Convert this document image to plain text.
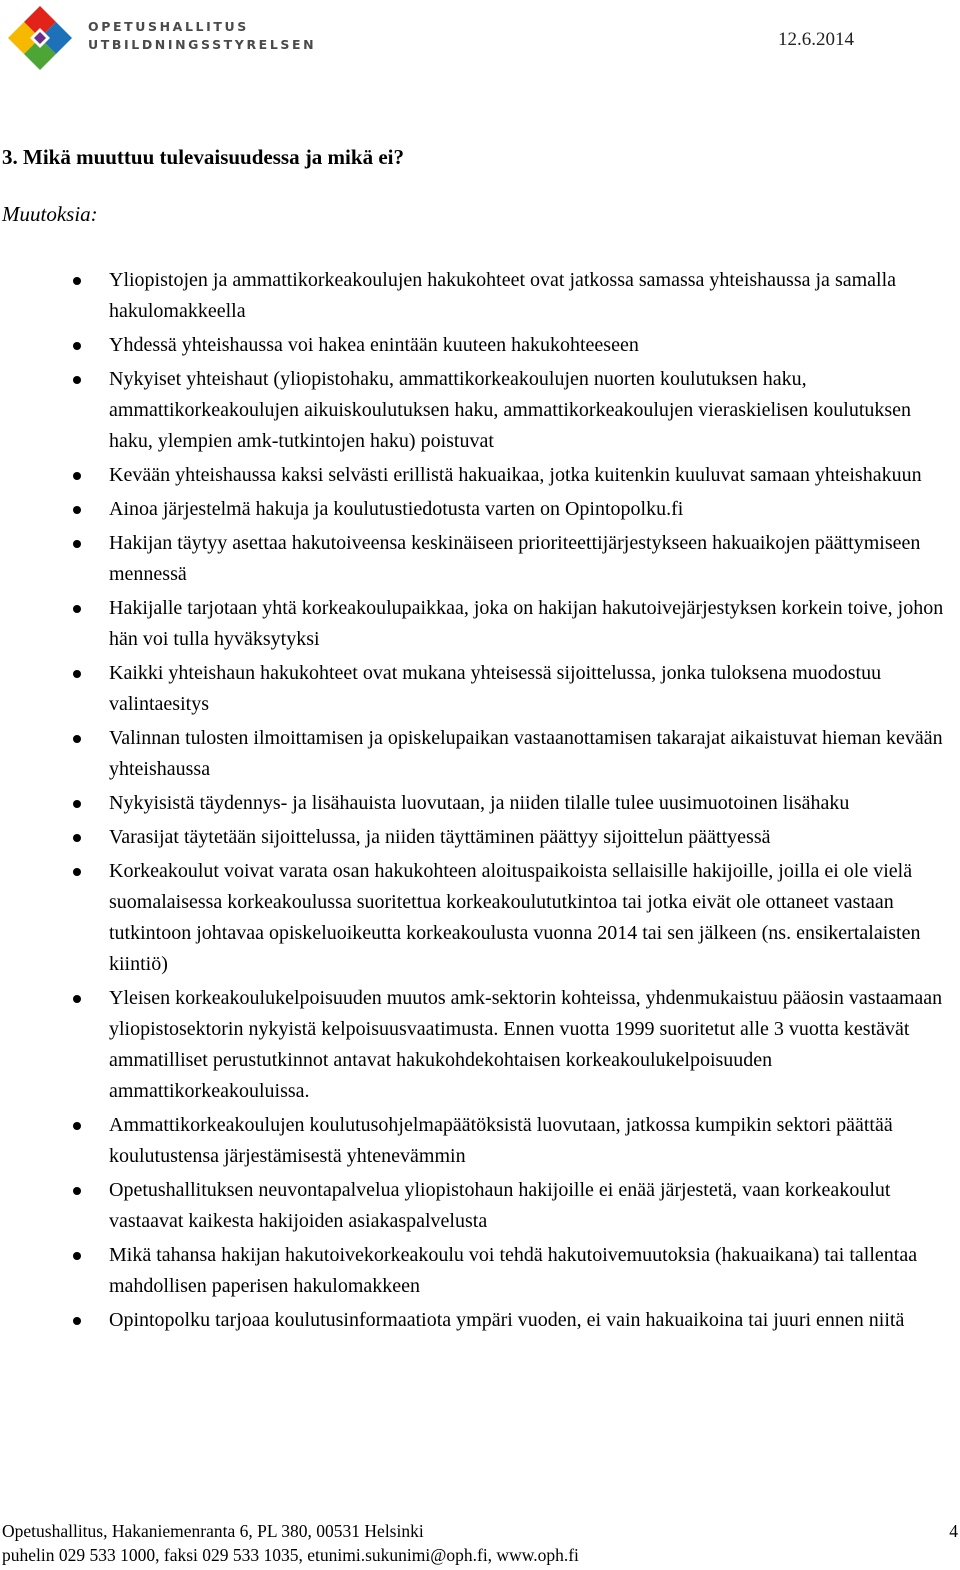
OPETUSHALLITUS
UTBILDNINGSSTYRELSEN	12.6.2014
3. Mikä muuttuu tulevaisuudessa ja mikä ei?
Muutoksia:
Yliopistojen ja ammattikorkeakoulujen hakukohteet ovat jatkossa samassa yhteishaussa ja samalla hakulomakkeella
Yhdessä yhteishaussa voi hakea enintään kuuteen hakukohteeseen
Nykyiset yhteishaut (yliopistohaku, ammattikorkeakoulujen nuorten koulutuksen haku, ammattikorkeakoulujen aikuiskoulutuksen haku, ammattikorkeakoulujen vieraskielisen koulutuksen haku, ylempien amk-tutkintojen haku) poistuvat
Kevään yhteishaussa kaksi selvästi erillistä hakuaikaa, jotka kuitenkin kuuluvat samaan yhteishakuun
Ainoa järjestelmä hakuja ja koulutustiedotusta varten on Opintopolku.fi
Hakijan täytyy asettaa hakutoiveensa keskinäiseen prioriteettijärjestykseen hakuaikojen päättymiseen mennessä
Hakijalle tarjotaan yhtä korkeakoulupaikkaa, joka on hakijan hakutoivejärjestyksen korkein toive, johon hän voi tulla hyväksytyksi
Kaikki yhteishaun hakukohteet ovat mukana yhteisessä sijoittelussa, jonka tuloksena muodostuu valintaesitys
Valinnan tulosten ilmoittamisen ja opiskelupaikan vastaanottamisen takarajat aikaistuvat hieman kevään yhteishaussa
Nykyisistä täydennys- ja lisähauista luovutaan, ja niiden tilalle tulee uusimuotoinen lisähaku
Varasijat täytetään sijoittelussa, ja niiden täyttäminen päättyy sijoittelun päättyessä
Korkeakoulut voivat varata osan hakukohteen aloituspaikoista sellaisille hakijoille, joilla ei ole vielä suomalaisessa korkeakoulussa suoritettua korkeakoulututkintoa tai jotka eivät ole ottaneet vastaan tutkintoon johtavaa opiskeluoikeutta korkeakoulusta vuonna 2014 tai sen jälkeen (ns. ensikertalaisten kiintiö)
Yleisen korkeakoulukelpoisuuden muutos amk-sektorin kohteissa, yhdenmukaistuu pääosin vastaamaan yliopistosektorin nykyistä kelpoisuusvaatimusta. Ennen vuotta 1999 suoritetut alle 3 vuotta kestävät ammatilliset perustutkinnot antavat hakukohdekohtaisen korkeakoulukelpoisuuden ammattikorkeakouluissa.
Ammattikorkeakoulujen koulutusohjelmapäätöksistä luovutaan, jatkossa kumpikin sektori päättää koulutustensa järjestämisestä yhtenevämmin
Opetushallituksen neuvontapalvelua yliopistohaun hakijoille ei enää järjestetä, vaan korkeakoulut vastaavat kaikesta hakijoiden asiakaspalvelusta
Mikä tahansa hakijan hakutoivekorkeakoulu voi tehdä hakutoivemuutoksia (hakuaikana) tai tallentaa mahdollisen paperisen hakulomakkeen
Opintopolku tarjoaa koulutusinformaatiota ympäri vuoden, ei vain hakuaikoina tai juuri ennen niitä
Opetushallitus, Hakaniemenranta 6, PL 380, 00531 Helsinki
puhelin 029 533 1000, faksi 029 533 1035, etunimi.sukunimi@oph.fi, www.oph.fi
4
